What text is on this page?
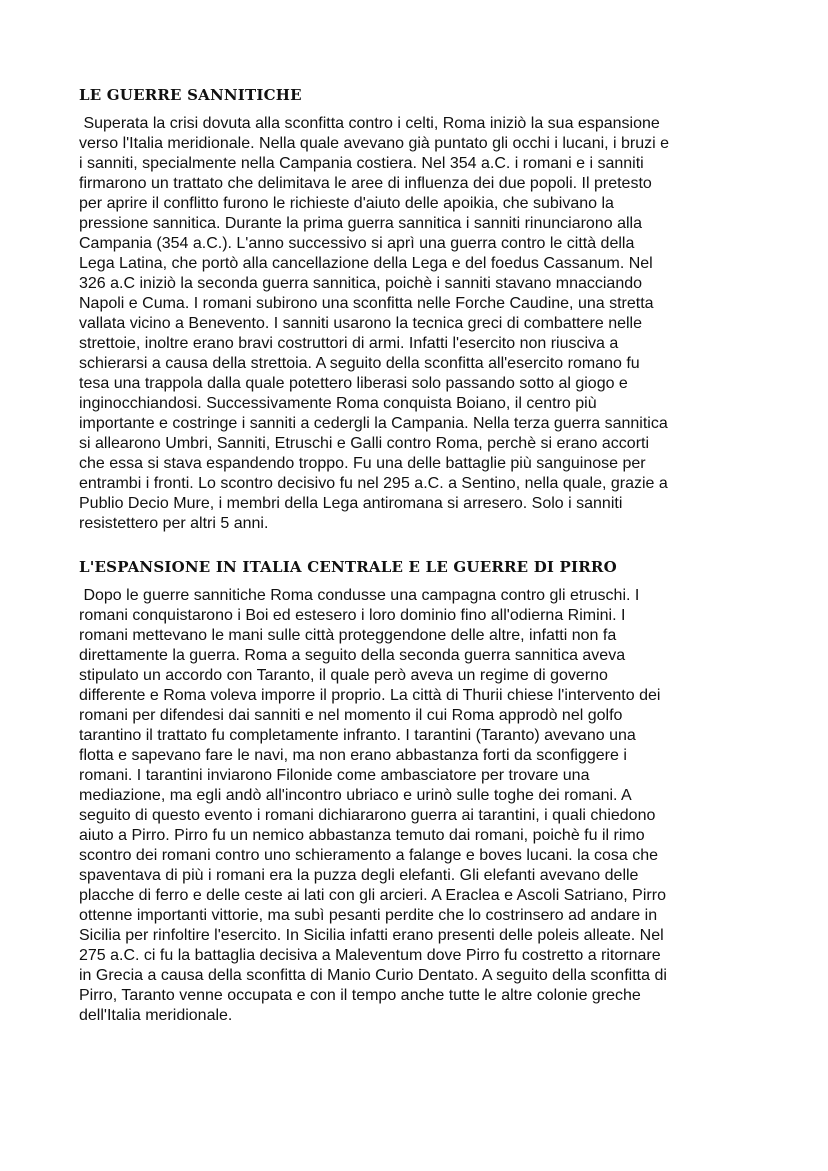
LE GUERRE SANNITICHE

Superata la crisi dovuta alla sconfitta contro i celti, Roma iniziò la sua espansione
verso l'Italia meridionale. Nella quale avevano già puntato gli occhi i lucani, i bruzi e
i sanniti, specialmente nella Campania costiera. Nel 354 a.C. i romani e i sanniti
firmarono un trattato che delimitava le aree di influenza dei due popoli. Il pretesto
per aprire il conflitto furono le richieste d'aiuto delle apoikia, che subivano la
pressione sannitica. Durante la prima guerra sannitica i sanniti rinunciarono alla
Campania (354 a.C.). L'anno successivo si aprì una guerra contro le città della
Lega Latina, che portò alla cancellazione della Lega e del foedus Cassanum. Nel
326 a.C iniziò la seconda guerra sannitica, poichè i sanniti stavano mnacciando
Napoli e Cuma. I romani subirono una sconfitta nelle Forche Caudine, una stretta
vallata vicino a Benevento. I sanniti usarono la tecnica greci di combattere nelle
strettoie, inoltre erano bravi costruttori di armi. Infatti l'esercito non riusciva a
schierarsi a causa della strettoia. A seguito della sconfitta all'esercito romano fu
tesa una trappola dalla quale potettero liberasi solo passando sotto al giogo e
inginocchiandosi. Successivamente Roma conquista Boiano, il centro più
importante e costringe i sanniti a cedergli la Campania. Nella terza guerra sannitica
si allearono Umbri, Sanniti, Etruschi e Galli contro Roma, perchè si erano accorti
che essa si stava espandendo troppo. Fu una delle battaglie più sanguinose per
entrambi i fronti. Lo scontro decisivo fu nel 295 a.C. a Sentino, nella quale, grazie a
Publio Decio Mure, i membri della Lega antiromana si arresero. Solo i sanniti
resistettero per altri 5 anni.

L'ESPANSIONE IN ITALIA CENTRALE E LE GUERRE DI PIRRO

Dopo le guerre sannitiche Roma condusse una campagna contro gli etruschi. I
romani conquistarono i Boi ed estesero i loro dominio fino all'odierna Rimini. I
romani mettevano le mani sulle città proteggendone delle altre, infatti non fa
direttamente la guerra. Roma a seguito della seconda guerra sannitica aveva
stipulato un accordo con Taranto, il quale però aveva un regime di governo
differente e Roma voleva imporre il proprio. La città di Thurii chiese l'intervento dei
romani per difendesi dai sanniti e nel momento il cui Roma approdò nel golfo
tarantino il trattato fu completamente infranto. I tarantini (Taranto) avevano una
flotta e sapevano fare le navi, ma non erano abbastanza forti da sconfiggere i
romani. I tarantini inviarono Filonide come ambasciatore per trovare una
mediazione, ma egli andò all'incontro ubriaco e urinò sulle toghe dei romani. A
seguito di questo evento i romani dichiararono guerra ai tarantini, i quali chiedono
aiuto a Pirro. Pirro fu un nemico abbastanza temuto dai romani, poichè fu il rimo
scontro dei romani contro uno schieramento a falange e boves lucani. la cosa che
spaventava di più i romani era la puzza degli elefanti. Gli elefanti avevano delle
placche di ferro e delle ceste ai lati con gli arcieri. A Eraclea e Ascoli Satriano, Pirro
ottenne importanti vittorie, ma subì pesanti perdite che lo costrinsero ad andare in
Sicilia per rinfoltire l'esercito. In Sicilia infatti erano presenti delle poleis alleate. Nel
275 a.C. ci fu la battaglia decisiva a Maleventum dove Pirro fu costretto a ritornare
in Grecia a causa della sconfitta di Manio Curio Dentato. A seguito della sconfitta di
Pirro, Taranto venne occupata e con il tempo anche tutte le altre colonie greche
dell'Italia meridionale.
